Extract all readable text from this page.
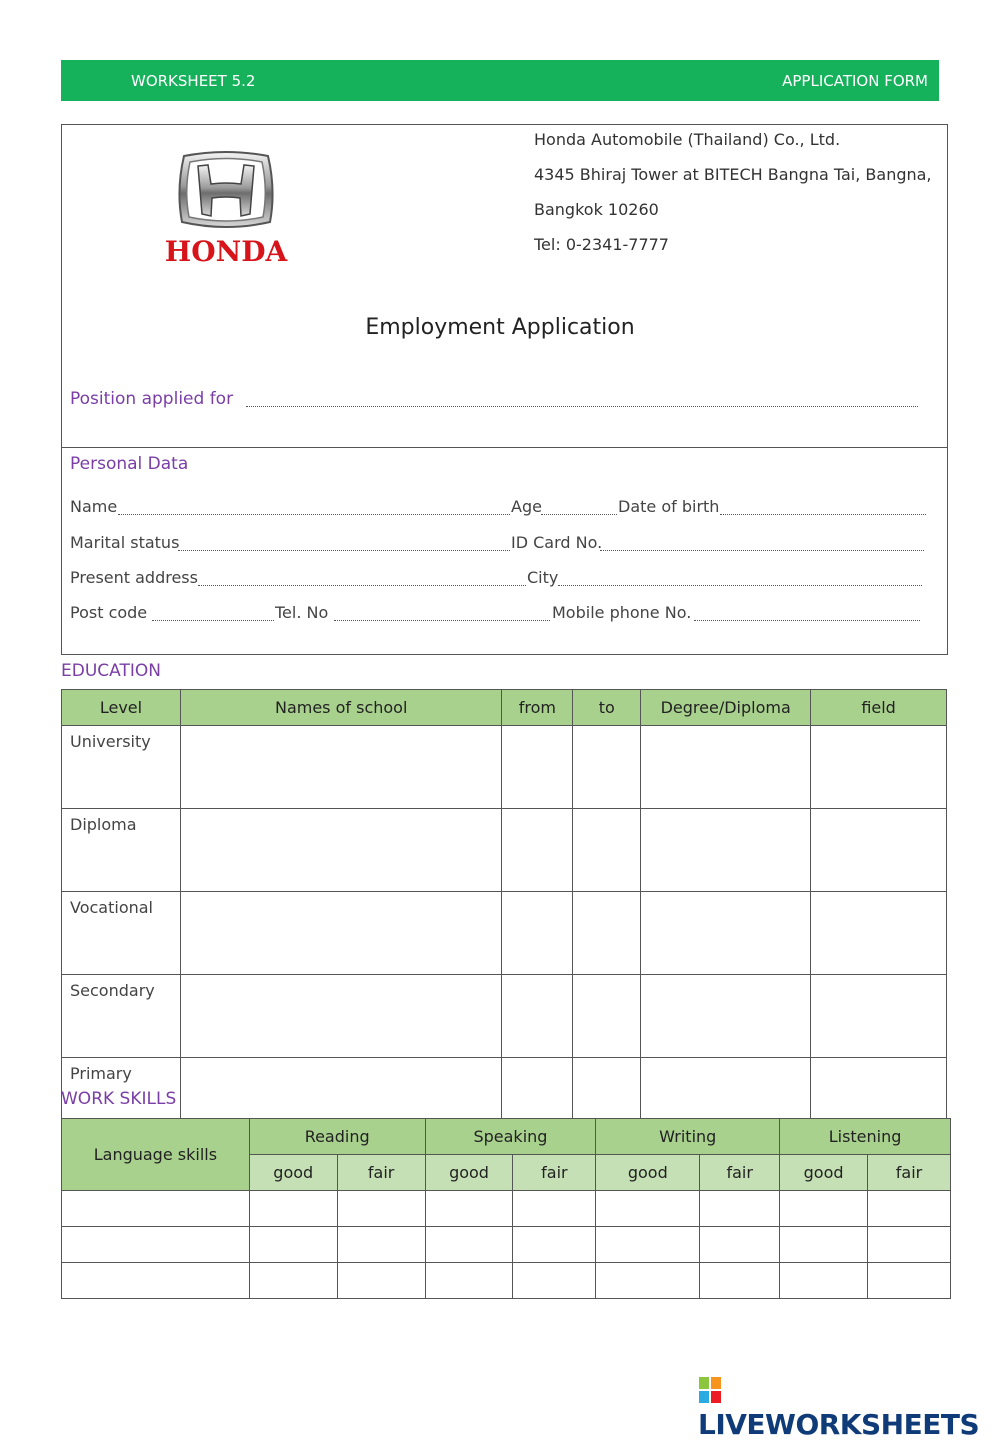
WORKSHEET 5.2	APPLICATION FORM
HONDA
Honda Automobile (Thailand) Co., Ltd.
4345 Bhiraj Tower at BITECH Bangna Tai, Bangna,
Bangkok 10260
Tel: 0-2341-7777
Employment Application
Position applied for
Personal Data
Name	Age	Date of birth
Marital status	ID Card No.
Present address	City
Post code	Tel. No	Mobile phone No.
EDUCATION
Level	Names of school	from	to	Degree/Diploma	field
University					
Diploma					
Vocational					
Secondary					
Primary					
WORK SKILLS
Language skills	Reading		Speaking		Writing		Listening	
	good	fair	good	fair	good	fair	good	fair

LIVEWORKSHEETS
